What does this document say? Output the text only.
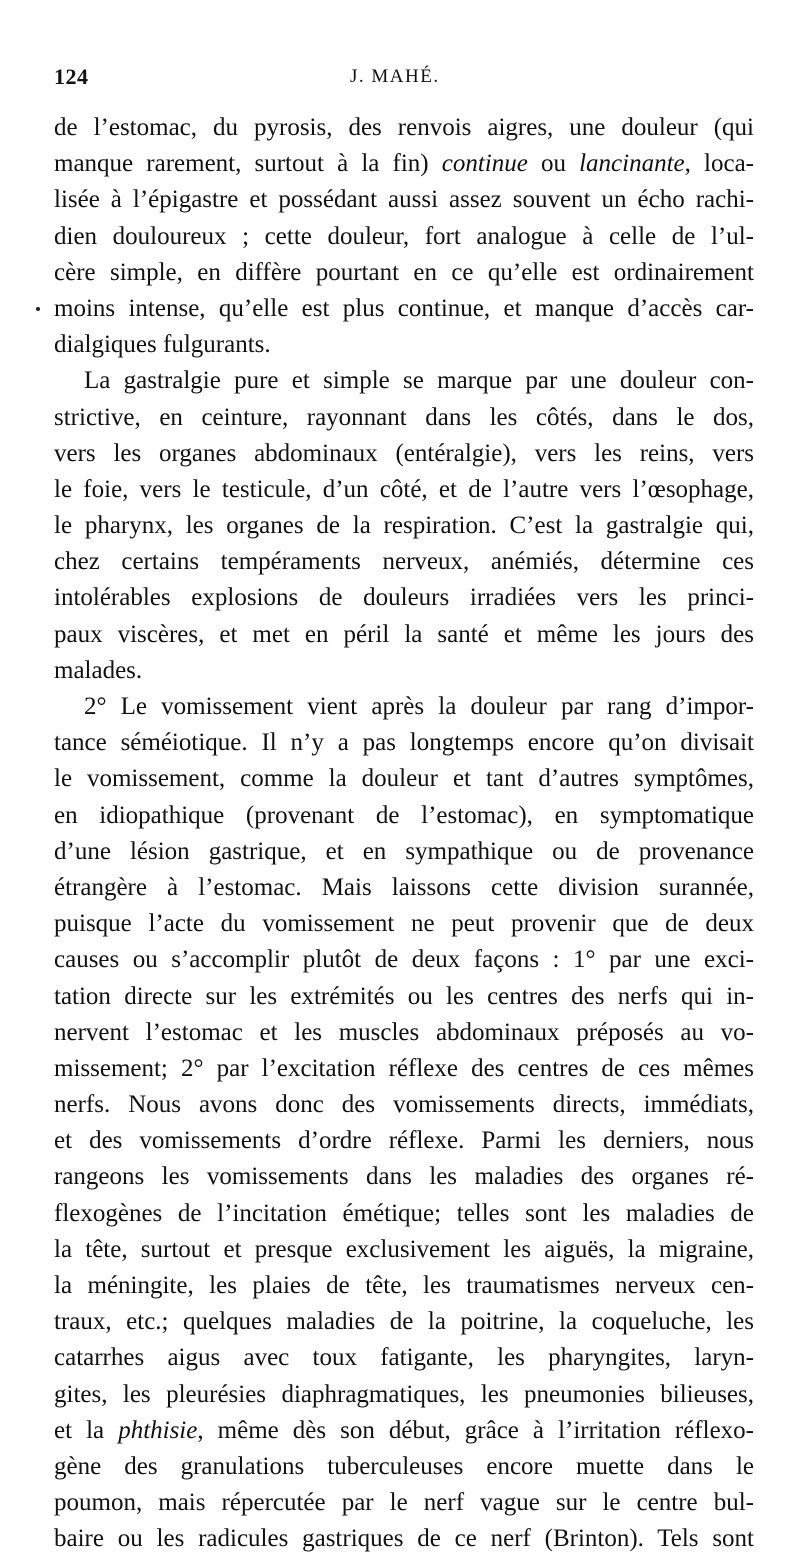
124	J. MAHÉ.
de l’estomac, du pyrosis, des renvois aigres, une douleur (qui
manque rarement, surtout à la fin) continue ou lancinante, loca-
lisée à l’épigastre et possédant aussi assez souvent un écho rachi-
dien douloureux ; cette douleur, fort analogue à celle de l’ul-
cère simple, en diffère pourtant en ce qu’elle est ordinairement
moins intense, qu’elle est plus continue, et manque d’accès car-
dialgiques fulgurants.
La gastralgie pure et simple se marque par une douleur con-
strictive, en ceinture, rayonnant dans les côtés, dans le dos,
vers les organes abdominaux (entéralgie), vers les reins, vers
le foie, vers le testicule, d’un côté, et de l’autre vers l’œsophage,
le pharynx, les organes de la respiration. C’est la gastralgie qui,
chez certains tempéraments nerveux, anémiés, détermine ces
intolérables explosions de douleurs irradiées vers les princi-
paux viscères, et met en péril la santé et même les jours des
malades.
2° Le vomissement vient après la douleur par rang d’impor-
tance séméiotique. Il n’y a pas longtemps encore qu’on divisait
le vomissement, comme la douleur et tant d’autres symptômes,
en idiopathique (provenant de l’estomac), en symptomatique
d’une lésion gastrique, et en sympathique ou de provenance
étrangère à l’estomac. Mais laissons cette division surannée,
puisque l’acte du vomissement ne peut provenir que de deux
causes ou s’accomplir plutôt de deux façons : 1° par une exci-
tation directe sur les extrémités ou les centres des nerfs qui in-
nervent l’estomac et les muscles abdominaux préposés au vo-
missement; 2° par l’excitation réflexe des centres de ces mêmes
nerfs. Nous avons donc des vomissements directs, immédiats,
et des vomissements d’ordre réflexe. Parmi les derniers, nous
rangeons les vomissements dans les maladies des organes ré-
flexogènes de l’incitation émétique; telles sont les maladies de
la tête, surtout et presque exclusivement les aiguës, la migraine,
la méningite, les plaies de tête, les traumatismes nerveux cen-
traux, etc.; quelques maladies de la poitrine, la coqueluche, les
catarrhes aigus avec toux fatigante, les pharyngites, laryn-
gites, les pleurésies diaphragmatiques, les pneumonies bilieuses,
et la phthisie, même dès son début, grâce à l’irritation réflexo-
gène des granulations tuberculeuses encore muette dans le
poumon, mais répercutée par le nerf vague sur le centre bul-
baire ou les radicules gastriques de ce nerf (Brinton). Tels sont
